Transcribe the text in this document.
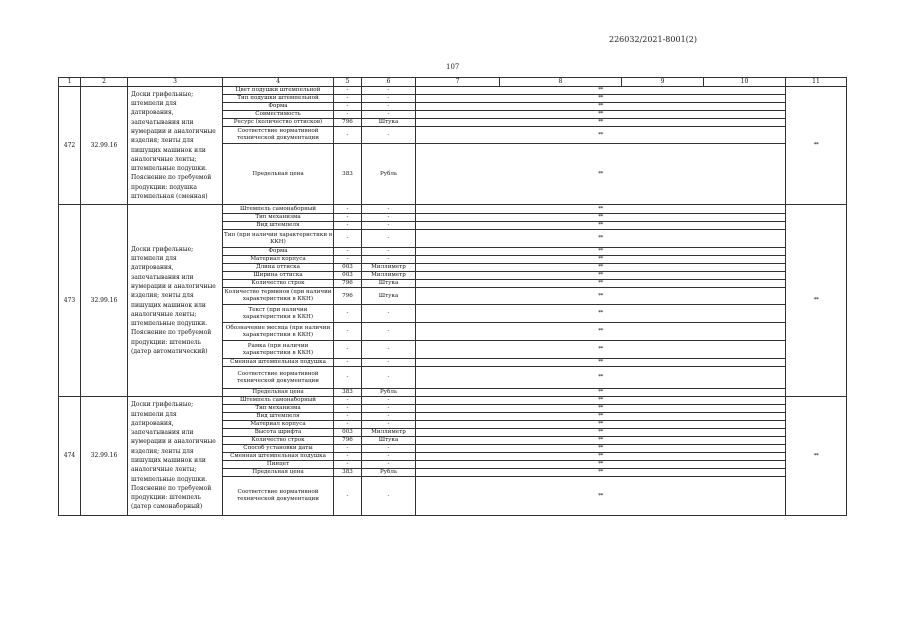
226032/2021-8001(2)
107
1	2	3	4	5	6	7	8	9	10	11
472	32.99.16	Доски грифельные; штемпели для датирования, запечатывания или нумерации и аналогичные изделия; ленты для пишущих машинок или аналогичные ленты; штемпельные подушки. Пояснение по требуемой продукции: подушка штемпельная (сменная)	Цвет подушки штемпельной	-	-	**				**
			Тип подушки штемпельной	-	-	**				
			Форма	-	-	**				
			Совместимость	-	-	**				
			Ресурс (количество оттисков)	796	Штука	**				
			Соответствие нормативной технической документации	-	-	**				
			Предельная цена	383	Рубль	**				
473	32.99.16	Доски грифельные; штемпели для датирования, запечатывания или нумерации и аналогичные изделия; ленты для пишущих машинок или аналогичные ленты; штемпельные подушки. Пояснение по требуемой продукции: штемпель (датер автоматический)	Штемпель самонаборный	-	-	**				**
			Тип механизма	-	-	**				
			Вид штемпеля	-	-	**				
			Тип (при наличии характеристики в ККН)	-	-	**				
			Форма	-	-	**				
			Материал корпуса	-	-	**				
			Длина оттиска	003	Миллиметр	**				
			Ширина оттиска	003	Миллиметр	**				
			Количество строк	796	Штука	**				
			Количество терминов (при наличии характеристики в ККН)	796	Штука	**				
			Текст (при наличии характеристики в ККН)	-	-	**				
			Обозначение месяца (при наличии характеристики в ККН)	-	-	**				
			Рамка (при наличии характеристики в ККН)	-	-	**				
			Сменная штемпельная подушка	-	-	**				
			Соответствие нормативной технической документации	-	-	**				
			Предельная цена	383	Рубль	**				
474	32.99.16	Доски грифельные; штемпели для датирования, запечатывания или нумерации и аналогичные изделия; ленты для пишущих машинок или аналогичные ленты; штемпельные подушки. Пояснение по требуемой продукции: штемпель (датер самонаборный)	Штемпель самонаборный	-	-	**				**
			Тип механизма	-	-	**				
			Вид штемпеля	-	-	**				
			Материал корпуса	-	-	**				
			Высота шрифта	003	Миллиметр	**				
			Количество строк	796	Штука	**				
			Способ установки даты	-	-	**				
			Сменная штемпельная подушка	-	-	**				
			Пинцет	-	-	**				
			Предельная цена	383	Рубль	**				
			Соответствие нормативной технической документации	-	-	**				
